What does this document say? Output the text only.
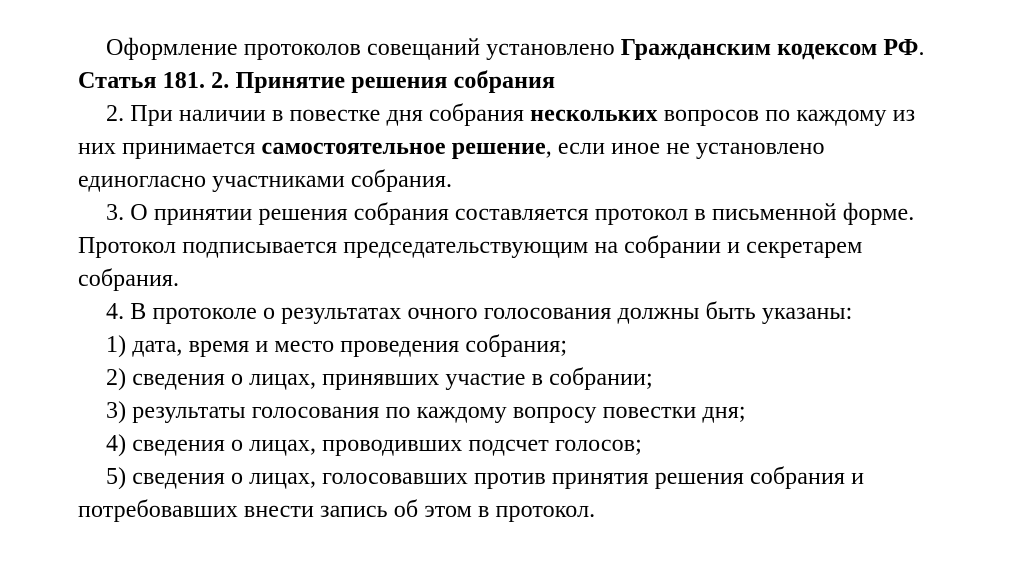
Оформление протоколов совещаний установлено Гражданским кодексом РФ.
Статья 181. 2. Принятие решения собрания
2. При наличии в повестке дня собрания нескольких вопросов по каждому из
них принимается самостоятельное решение, если иное не установлено
единогласно участниками собрания.
3. О принятии решения собрания составляется протокол в письменной форме.
Протокол подписывается председательствующим на собрании и секретарем
собрания.
4. В протоколе о результатах очного голосования должны быть указаны:
1) дата, время и место проведения собрания;
2) сведения о лицах, принявших участие в собрании;
3) результаты голосования по каждому вопросу повестки дня;
4) сведения о лицах, проводивших подсчет голосов;
5) сведения о лицах, голосовавших против принятия решения собрания и
потребовавших внести запись об этом в протокол.
